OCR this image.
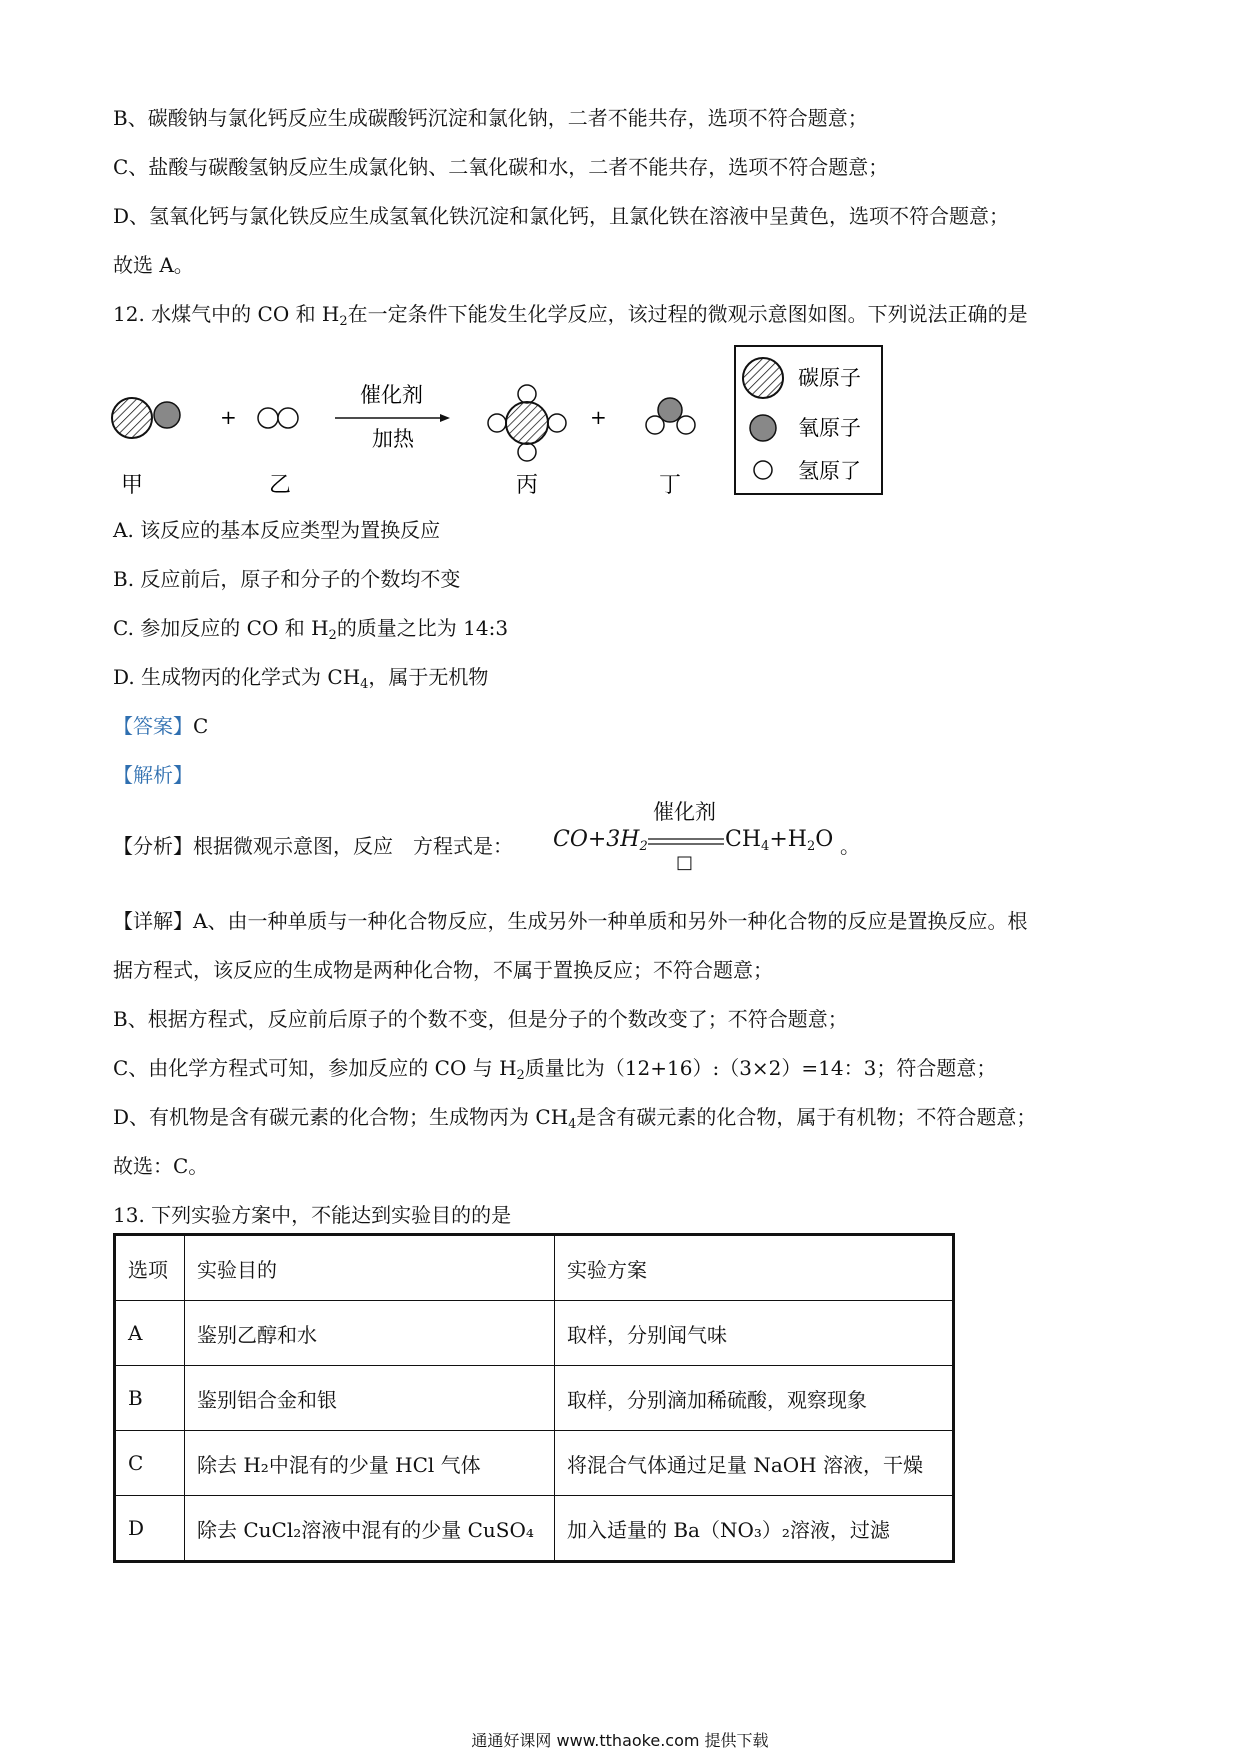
B、碳酸钠与氯化钙反应生成碳酸钙沉淀和氯化钠，二者不能共存，选项不符合题意；
C、盐酸与碳酸氢钠反应生成氯化钠、二氧化碳和水，二者不能共存，选项不符合题意；
D、氢氧化钙与氯化铁反应生成氢氧化铁沉淀和氯化钙，且氯化铁在溶液中呈黄色，选项不符合题意；
故选 A。
12. 水煤气中的 CO 和 $H_2$在一定条件下能发生化学反应，该过程的微观示意图如图。下列说法正确的是
+
催化剂
加热
+
甲	乙	丙	丁
碳原子
氧原子
氢原了
A. 该反应的基本反应类型为置换反应
B. 反应前后，原子和分子的个数均不变
C. 参加反应的 CO 和 $H_2$的质量之比为 14:3
D. 生成物丙的化学式为 $CH_4$，属于无机物
【答案】C
【解析】
【分析】根据微观示意图，反应　方程式是： $CO+3H_2$
催化剂
□
$CH_4+H_2O$ 。
【详解】A、由一种单质与一种化合物反应，生成另外一种单质和另外一种化合物的反应是置换反应。根
据方程式，该反应的生成物是两种化合物，不属于置换反应；不符合题意；
B、根据方程式，反应前后原子的个数不变，但是分子的个数改变了；不符合题意；
C、由化学方程式可知，参加反应的 CO 与 $H_2$质量比为（12+16）:（3×2）=14：3；符合题意；
D、有机物是含有碳元素的化合物；生成物丙为 $CH_4$是含有碳元素的化合物，属于有机物；不符合题意；
故选：C。
13. 下列实验方案中，不能达到实验目的的是
选项	实验目的	实验方案
A	鉴别乙醇和水	取样，分别闻气味
B	鉴别铝合金和银	取样，分别滴加稀硫酸，观察现象
C	除去 H₂中混有的少量 HCl 气体	将混合气体通过足量 NaOH 溶液，干燥
D	除去 CuCl₂溶液中混有的少量 CuSO₄	加入适量的 Ba（NO₃）₂溶液，过滤
通通好课网 www.tthaoke.com 提供下载
